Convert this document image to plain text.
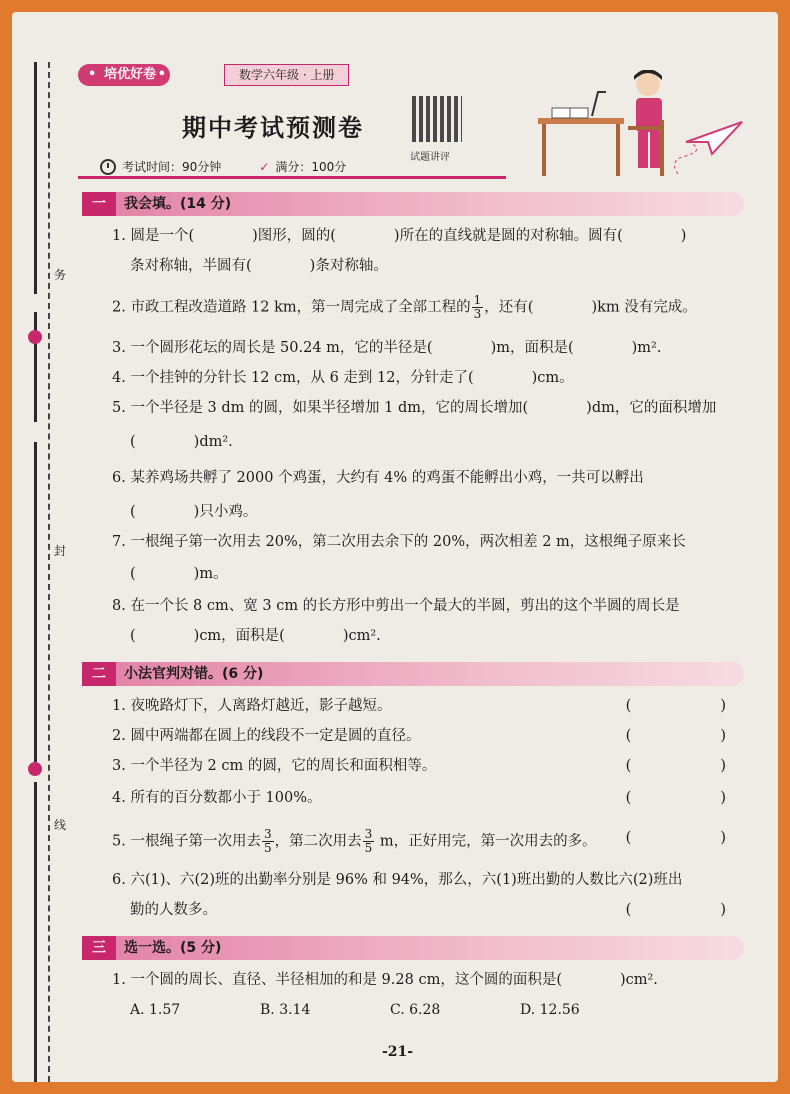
务
封
线
• 培优好卷 •	数学六年级 · 上册
期中考试预测卷
试题讲评
考试时间：90分钟	✓ 满分：100分
一 我会填。(14 分)
1. 圆是一个(　　　　)图形，圆的(　　　　)所在的直线就是圆的对称轴。圆有(　　　　)
条对称轴，半圆有(　　　　)条对称轴。
2. 市政工程改造道路 12 km，第一周完成了全部工程的 $\frac{1}{3}$ ，还有(　　　　)km 没有完成。
3. 一个圆形花坛的周长是 50.24 m，它的半径是(　　　　)m，面积是(　　　　)m².
4. 一个挂钟的分针长 12 cm，从 6 走到 12，分针走了(　　　　)cm。
5. 一个半径是 3 dm 的圆，如果半径增加 1 dm，它的周长增加(　　　　)dm，它的面积增加
(　　　　)dm².
6. 某养鸡场共孵了 2000 个鸡蛋，大约有 4% 的鸡蛋不能孵出小鸡，一共可以孵出
(　　　　)只小鸡。
7. 一根绳子第一次用去 20%，第二次用去余下的 20%，两次相差 2 m，这根绳子原来长
(　　　　)m。
8. 在一个长 8 cm、宽 3 cm 的长方形中剪出一个最大的半圆，剪出的这个半圆的周长是
(　　　　)cm，面积是(　　　　)cm².
二 小法官判对错。(6 分)
1. 夜晚路灯下，人离路灯越近，影子越短。	(　　)
2. 圆中两端都在圆上的线段不一定是圆的直径。	(　　)
3. 一个半径为 2 cm 的圆，它的周长和面积相等。	(　　)
4. 所有的百分数都小于 100%。	(　　)
5. 一根绳子第一次用去 $\frac{3}{5}$ ，第二次用去 $\frac{3}{5}$ m，正好用完，第一次用去的多。 (　　)
6. 六(1)、六(2)班的出勤率分别是 96% 和 94%，那么，六(1)班出勤的人数比六(2)班出
勤的人数多。	(　　)
三 选一选。(5 分)
1. 一个圆的周长、直径、半径相加的和是 9.28 cm，这个圆的面积是(　　　　)cm².
A. 1.57	B. 3.14	C. 6.28	D. 12.56
-21-
